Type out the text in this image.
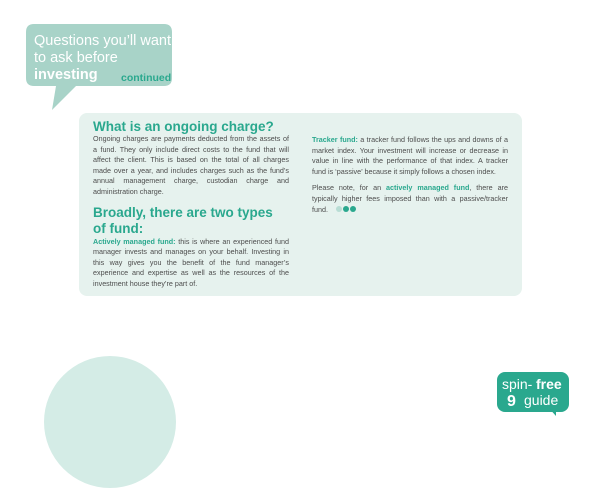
Questions you’ll want
to ask before
investing	continued
What is an ongoing charge?

Ongoing charges are payments deducted from the assets of a fund. They only include direct costs to the fund that will affect the client. This is based on the total of all charges made over a year, and includes charges such as the fund’s annual management charge, custodian charge and administration charge.

Broadly, there are two types
of fund:

Actively managed fund: this is where an experienced fund manager invests and manages on your behalf. Investing in this way gives you the benefit of the fund manager’s experience and expertise as well as the resources of the investment house they’re part of.

Tracker fund: a tracker fund follows the ups and downs of a market index. Your investment will increase or decrease in value in line with the performance of that index. A tracker fund is ‘passive’ because it simply follows a chosen index.

Please note, for an actively managed fund, there are typically higher fees imposed than with a passive/tracker fund.

spin- free
guide
9
